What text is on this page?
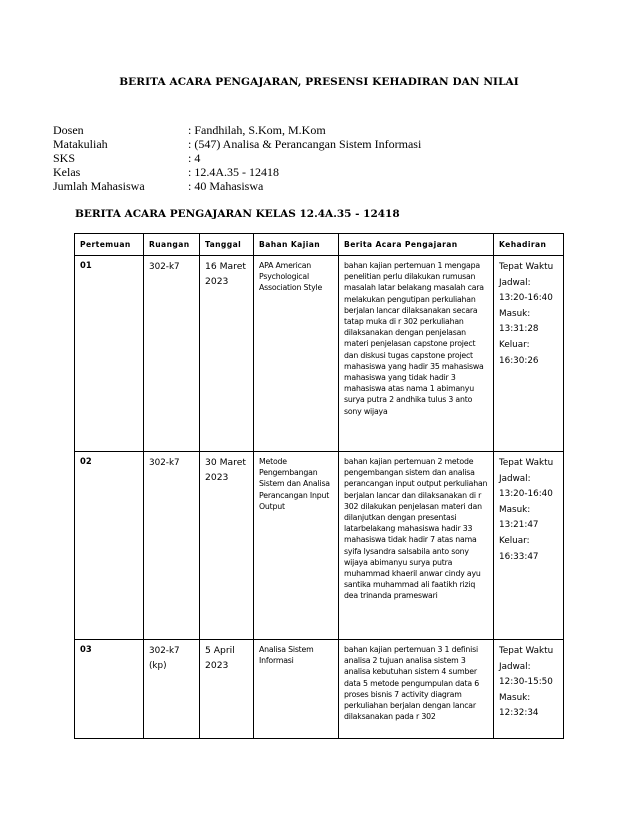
BERITA ACARA PENGAJARAN, PRESENSI KEHADIRAN DAN NILAI
Dosen	: Fandhilah, S.Kom, M.Kom
Matakuliah	: (547) Analisa & Perancangan Sistem Informasi
SKS	: 4
Kelas	: 12.4A.35 - 12418
Jumlah Mahasiswa	: 40 Mahasiswa
BERITA ACARA PENGAJARAN KELAS 12.4A.35 - 12418
Pertemuan	Ruangan	Tanggal	Bahan Kajian	Berita Acara Pengajaran	Kehadiran
01	302-k7	16 Maret 2023	APA American Psychological Association Style	bahan kajian pertemuan 1 mengapa penelitian perlu dilakukan rumusan masalah latar belakang masalah cara melakukan pengutipan perkuliahan berjalan lancar dilaksanakan secara tatap muka di r 302 perkuliahan dilaksanakan dengan penjelasan materi penjelasan capstone project dan diskusi tugas capstone project mahasiswa yang hadir 35 mahasiswa mahasiswa yang tidak hadir 3 mahasiswa atas nama 1 abimanyu surya putra 2 andhika tulus 3 anto sony wijaya	Tepat Waktu Jadwal: 13:20-16:40 Masuk: 13:31:28 Keluar: 16:30:26
02	302-k7	30 Maret 2023	Metode Pengembangan Sistem dan Analisa Perancangan Input Output	bahan kajian pertemuan 2 metode pengembangan sistem dan analisa perancangan input output perkuliahan berjalan lancar dan dilaksanakan di r 302 dilakukan penjelasan materi dan dilanjutkan dengan presentasi latarbelakang mahasiswa hadir 33 mahasiswa tidak hadir 7 atas nama syifa lysandra salsabila anto sony wijaya abimanyu surya putra muhammad khaeril anwar cindy ayu santika muhammad ali faatikh riziq dea trinanda prameswari	Tepat Waktu Jadwal: 13:20-16:40 Masuk: 13:21:47 Keluar: 16:33:47
03	302-k7 (kp)	5 April 2023	Analisa Sistem Informasi	bahan kajian pertemuan 3 1 definisi analisa 2 tujuan analisa sistem 3 analisa kebutuhan sistem 4 sumber data 5 metode pengumpulan data 6 proses bisnis 7 activity diagram perkuliahan berjalan dengan lancar dilaksanakan pada r 302	Tepat Waktu Jadwal: 12:30-15:50 Masuk: 12:32:34
